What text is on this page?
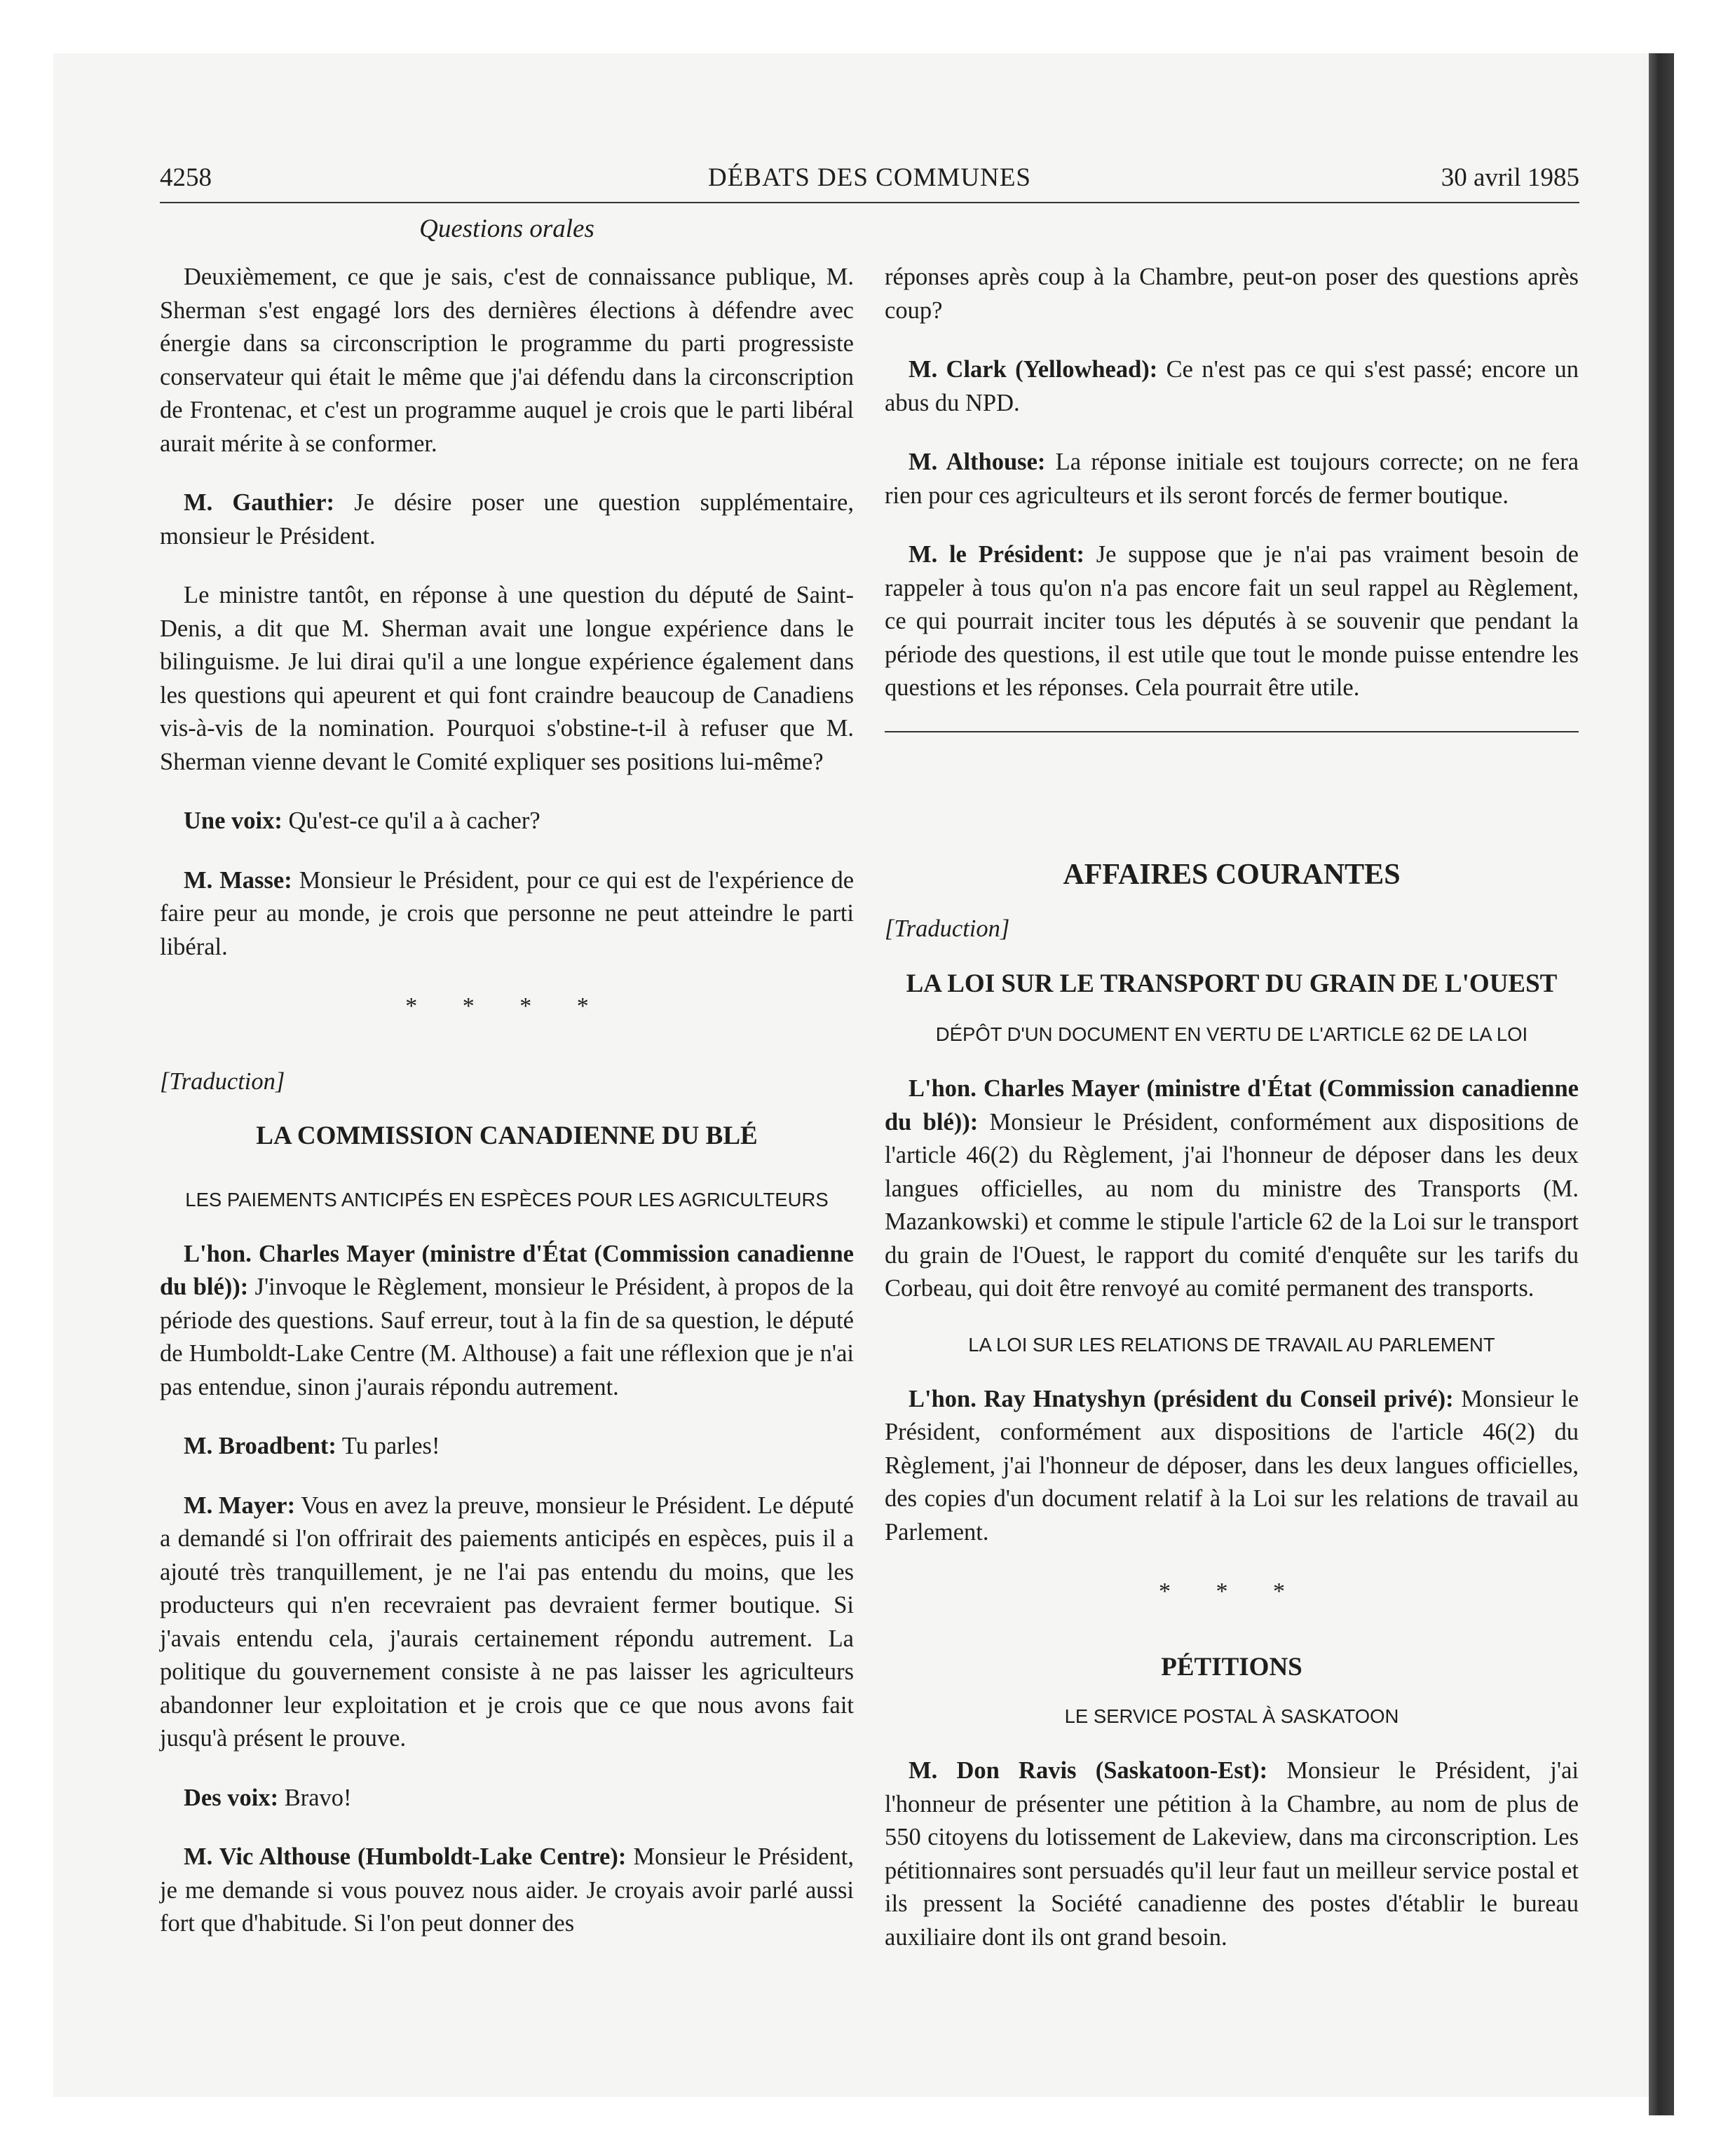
4258	DÉBATS DES COMMUNES	30 avril 1985
Questions orales

Deuxièmement, ce que je sais, c'est de connaissance publique, M. Sherman s'est engagé lors des dernières élections à défendre avec énergie dans sa circonscription le programme du parti progressiste conservateur qui était le même que j'ai défendu dans la circonscription de Frontenac, et c'est un programme auquel je crois que le parti libéral aurait mérite à se conformer.

M. Gauthier: Je désire poser une question supplémentaire, monsieur le Président.

Le ministre tantôt, en réponse à une question du député de Saint-Denis, a dit que M. Sherman avait une longue expérience dans le bilinguisme. Je lui dirai qu'il a une longue expérience également dans les questions qui apeurent et qui font craindre beaucoup de Canadiens vis-à-vis de la nomination. Pourquoi s'obstine-t-il à refuser que M. Sherman vienne devant le Comité expliquer ses positions lui-même?

Une voix: Qu'est-ce qu'il a à cacher?

M. Masse: Monsieur le Président, pour ce qui est de l'expérience de faire peur au monde, je crois que personne ne peut atteindre le parti libéral.

* * * *
[Traduction]
LA COMMISSION CANADIENNE DU BLÉ
LES PAIEMENTS ANTICIPÉS EN ESPÈCES POUR LES AGRICULTEURS

L'hon. Charles Mayer (ministre d'État (Commission canadienne du blé)): J'invoque le Règlement, monsieur le Président, à propos de la période des questions. Sauf erreur, tout à la fin de sa question, le député de Humboldt-Lake Centre (M. Althouse) a fait une réflexion que je n'ai pas entendue, sinon j'aurais répondu autrement.

M. Broadbent: Tu parles!

M. Mayer: Vous en avez la preuve, monsieur le Président. Le député a demandé si l'on offrirait des paiements anticipés en espèces, puis il a ajouté très tranquillement, je ne l'ai pas entendu du moins, que les producteurs qui n'en recevraient pas devraient fermer boutique. Si j'avais entendu cela, j'aurais certainement répondu autrement. La politique du gouvernement consiste à ne pas laisser les agriculteurs abandonner leur exploitation et je crois que ce que nous avons fait jusqu'à présent le prouve.

Des voix: Bravo!

M. Vic Althouse (Humboldt-Lake Centre): Monsieur le Président, je me demande si vous pouvez nous aider. Je croyais avoir parlé aussi fort que d'habitude. Si l'on peut donner des

réponses après coup à la Chambre, peut-on poser des questions après coup?

M. Clark (Yellowhead): Ce n'est pas ce qui s'est passé; encore un abus du NPD.

M. Althouse: La réponse initiale est toujours correcte; on ne fera rien pour ces agriculteurs et ils seront forcés de fermer boutique.

M. le Président: Je suppose que je n'ai pas vraiment besoin de rappeler à tous qu'on n'a pas encore fait un seul rappel au Règlement, ce qui pourrait inciter tous les députés à se souvenir que pendant la période des questions, il est utile que tout le monde puisse entendre les questions et les réponses. Cela pourrait être utile.

AFFAIRES COURANTES
[Traduction]
LA LOI SUR LE TRANSPORT DU GRAIN DE L'OUEST
DÉPÔT D'UN DOCUMENT EN VERTU DE L'ARTICLE 62 DE LA LOI

L'hon. Charles Mayer (ministre d'État (Commission canadienne du blé)): Monsieur le Président, conformément aux dispositions de l'article 46(2) du Règlement, j'ai l'honneur de déposer dans les deux langues officielles, au nom du ministre des Transports (M. Mazankowski) et comme le stipule l'article 62 de la Loi sur le transport du grain de l'Ouest, le rapport du comité d'enquête sur les tarifs du Corbeau, qui doit être renvoyé au comité permanent des transports.

LA LOI SUR LES RELATIONS DE TRAVAIL AU PARLEMENT

L'hon. Ray Hnatyshyn (président du Conseil privé): Monsieur le Président, conformément aux dispositions de l'article 46(2) du Règlement, j'ai l'honneur de déposer, dans les deux langues officielles, des copies d'un document relatif à la Loi sur les relations de travail au Parlement.

* * *
PÉTITIONS
LE SERVICE POSTAL À SASKATOON

M. Don Ravis (Saskatoon-Est): Monsieur le Président, j'ai l'honneur de présenter une pétition à la Chambre, au nom de plus de 550 citoyens du lotissement de Lakeview, dans ma circonscription. Les pétitionnaires sont persuadés qu'il leur faut un meilleur service postal et ils pressent la Société canadienne des postes d'établir le bureau auxiliaire dont ils ont grand besoin.
